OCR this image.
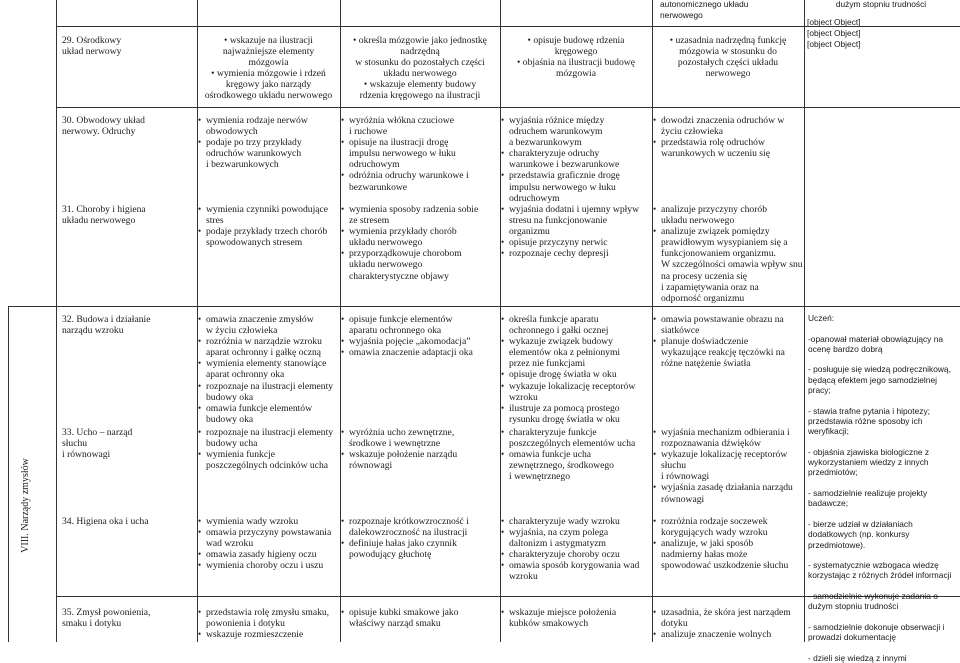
VIII. Narządy zmysłów
autonomicznego układu
nerwowego
dużym stopniu trudności
29. Ośrodkowy
układ nerwowy
• wskazuje na ilustracji
najważniejsze elementy
mózgowia
• wymienia mózgowie i rdzeń
kręgowy jako narządy
ośrodkowego układu nerwowego
• określa mózgowie jako jednostkę
nadrzędną
w stosunku do pozostałych części
układu nerwowego
• wskazuje elementy budowy
rdzenia kręgowego na ilustracji
• opisuje budowę rdzenia
kręgowego
• objaśnia na ilustracji budowę
mózgowia
• uzasadnia nadrzędną funkcję
mózgowia w stosunku do
pozostałych części układu
nerwowego
[object Object]
[object Object]
[object Object]
30. Obwodowy układ
nerwowy. Odruchy
• wymienia rodzaje nerwów
obwodowych
• podaje po trzy przykłady
odruchów warunkowych
i bezwarunkowych
• wyróżnia włókna czuciowe
i ruchowe
• opisuje na ilustracji drogę
impulsu nerwowego w łuku
odruchowym
• odróżnia odruchy warunkowe i
bezwarunkowe
• wyjaśnia różnice między
odruchem warunkowym
a bezwarunkowym
• charakteryzuje odruchy
warunkowe i bezwarunkowe
• przedstawia graficznie drogę
impulsu nerwowego w łuku
odruchowym
• dowodzi znaczenia odruchów w
życiu człowieka
• przedstawia rolę odruchów
warunkowych w uczeniu się
31. Choroby i higiena
układu nerwowego
• wymienia czynniki powodujące
stres
• podaje przykłady trzech chorób
spowodowanych stresem
• wymienia sposoby radzenia sobie
ze stresem
• wymienia przykłady chorób
układu nerwowego
• przyporządkowuje chorobom
układu nerwowego
charakterystyczne objawy
• wyjaśnia dodatni i ujemny wpływ
stresu na funkcjonowanie
organizmu
• opisuje przyczyny nerwic
• rozpoznaje cechy depresji
• analizuje przyczyny chorób
układu nerwowego
• analizuje związek pomiędzy
prawidłowym wysypianiem się a
funkcjonowaniem organizmu.
W szczególności omawia wpływ snu
na procesy uczenia się
i zapamiętywania oraz na
odporność organizmu
32. Budowa i działanie
narządu wzroku
• omawia znaczenie zmysłów
w życiu człowieka
• rozróżnia w narządzie wzroku
aparat ochronny i gałkę oczną
• wymienia elementy stanowiące
aparat ochronny oka
• rozpoznaje na ilustracji elementy
budowy oka
• omawia funkcje elementów
budowy oka
• opisuje funkcje elementów
aparatu ochronnego oka
• wyjaśnia pojęcie „akomodacja”
• omawia znaczenie adaptacji oka
• określa funkcje aparatu
ochronnego i gałki ocznej
• wykazuje związek budowy
elementów oka z pełnionymi
przez nie funkcjami
• opisuje drogę światła w oku
• wykazuje lokalizację receptorów
wzroku
• ilustruje za pomocą prostego
rysunku drogę światła w oku
• omawia powstawanie obrazu na
siatkówce
• planuje doświadczenie
wykazujące reakcję tęczówki na
różne natężenie światła
33. Ucho – narząd
słuchu
i równowagi
• rozpoznaje na ilustracji elementy
budowy ucha
• wymienia funkcje
poszczególnych odcinków ucha
• wyróżnia ucho zewnętrzne,
środkowe i wewnętrzne
• wskazuje położenie narządu
równowagi
• charakteryzuje funkcje
poszczególnych elementów ucha
• omawia funkcje ucha
zewnętrznego, środkowego
i wewnętrznego
• wyjaśnia mechanizm odbierania i
rozpoznawania dźwięków
• wykazuje lokalizację receptorów
słuchu
i równowagi
• wyjaśnia zasadę działania narządu
równowagi
34. Higiena oka i ucha
•	wymienia wady wzroku
• omawia przyczyny powstawania
wad wzroku
• omawia zasady higieny oczu
• wymienia choroby oczu i uszu
• rozpoznaje krótkowzroczność i
dalekowzroczność na ilustracji
• definiuje hałas jako czynnik
powodujący głuchotę
• charakteryzuje wady wzroku
• wyjaśnia, na czym polega
daltonizm i astygmatyzm
• charakteryzuje choroby oczu
• omawia sposób korygowania wad
wzroku
• rozróżnia rodzaje soczewek
korygujących wady wzroku
• analizuje, w jaki sposób
nadmierny hałas może
spowodować uszkodzenie słuchu
35. Zmysł powonienia,
smaku i dotyku
• przedstawia rolę zmysłu smaku,
powonienia i dotyku
• wskazuje rozmieszczenie
• opisuje kubki smakowe jako
właściwy narząd smaku
• wskazuje miejsce położenia
kubków smakowych
• uzasadnia, że skóra jest narządem
dotyku
• analizuje znaczenie wolnych
Uczeń:

-opanował materiał obowiązujący na
ocenę bardzo dobrą

- posługuje się wiedzą podręcznikową,
będącą efektem jego samodzielnej pracy;

- stawia trafne pytania i hipotezy;
przedstawia różne sposoby ich
weryfikacji;

- objaśnia zjawiska biologiczne z
wykorzystaniem wiedzy z innych
przedmiotów;

- samodzielnie realizuje projekty
badawcze;

- bierze udział w działaniach
dodatkowych (np. konkursy
przedmiotowe).

- systematycznie wzbogaca wiedzę
korzystając z różnych źródeł informacji

- samodzielnie wykonuje zadania o
dużym stopniu trudności

- samodzielnie dokonuje obserwacji i
prowadzi dokumentację

- dzieli się wiedzą z innymi
